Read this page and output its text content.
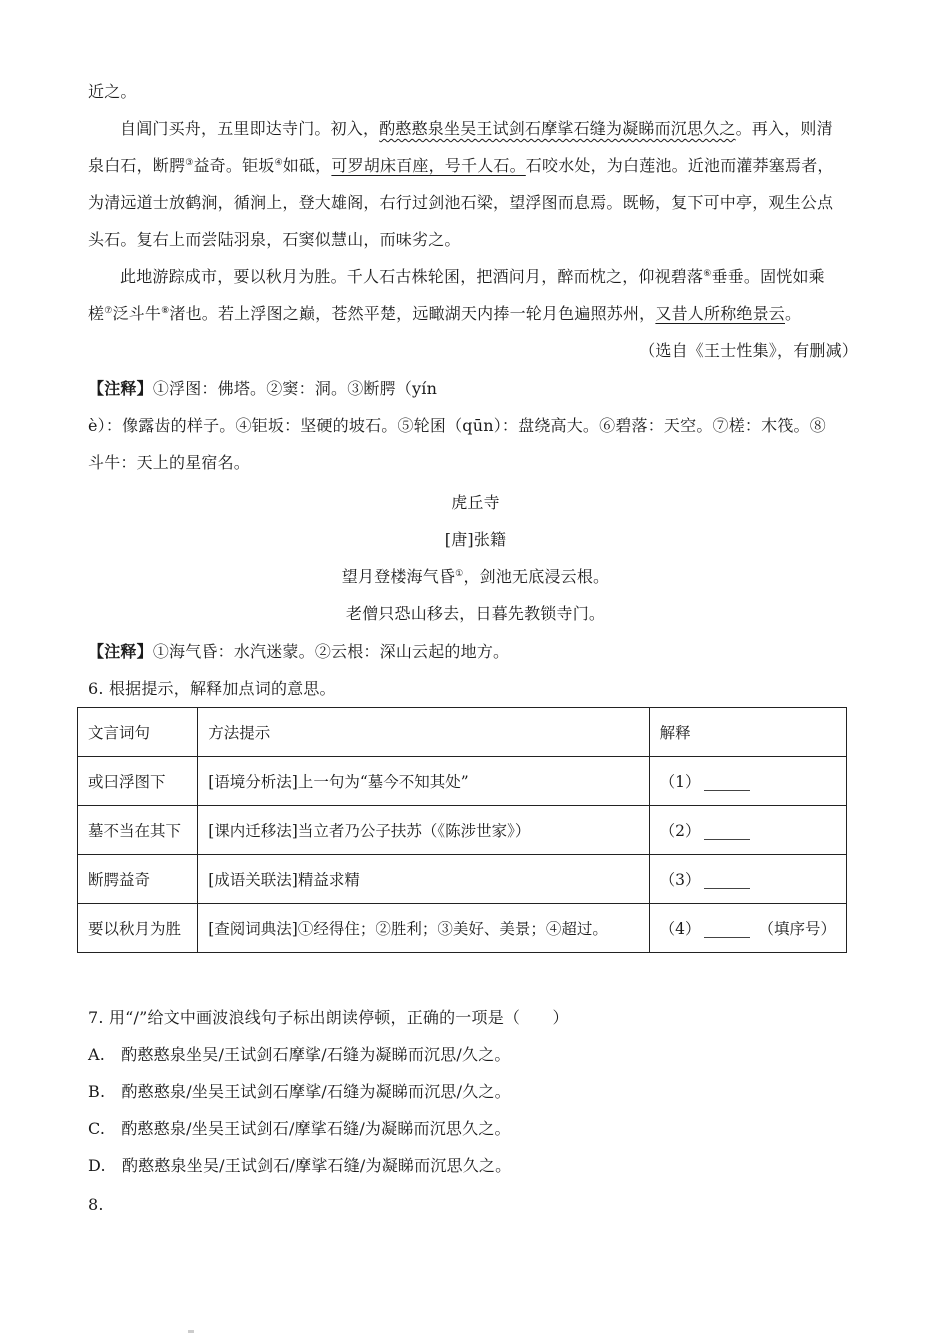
近之。
自阊门买舟，五里即达寺门。初入，酌憨憨泉坐吴王试剑石摩挲石缝为凝睇而沉思久之。再入，则清
泉白石，断腭③益奇。钜坂④如砥，可罗胡床百座，号千人石。石咬水处，为白莲池。近池而灌莽塞焉者，
为清远道士放鹤涧，循涧上，登大雄阁，右行过剑池石梁，望浮图而息焉。既畅，复下可中亭，观生公点
头石。复右上而尝陆羽泉，石窦似慧山，而味劣之。
此地游踪成市，要以秋月为胜。千人石古株轮囷，把酒问月，醉而枕之，仰视碧落⑥垂垂。固恍如乘
槎⑦泛斗牛⑧渚也。若上浮图之巅，苍然平楚，远瞰湖天内捧一轮月色遍照苏州，又昔人所称绝景云。
（选自《王士性集》，有删减）
【注释】①浮图：佛塔。②窦：洞。③断腭（yín
è）：像露齿的样子。④钜坂：坚硬的坡石。⑤轮囷（qūn）：盘绕高大。⑥碧落：天空。⑦槎：木筏。⑧
斗牛：天上的星宿名。
虎丘寺
[唐]张籍
望月登楼海气昏①，剑池无底浸云根。
老僧只恐山移去，日暮先教锁寺门。
【注释】①海气昏：水汽迷蒙。②云根：深山云起的地方。
6. 根据提示，解释加点词的意思。
文言词句	方法提示	解释
或曰浮图下	[语境分析法]上一句为“墓今不知其处”	（1）
墓不当在其下	[课内迁移法]当立者乃公子扶苏（《陈涉世家》）	（2）
断腭益奇	[成语关联法]精益求精	（3）
要以秋月为胜	[查阅词典法]①经得住；②胜利；③美好、美景；④超过。	（4） （填序号）
7. 用“/”给文中画波浪线句子标出朗读停顿，正确的一项是（　　）
A.　酌憨憨泉坐吴/王试剑石摩挲/石缝为凝睇而沉思/久之。
B.　酌憨憨泉/坐吴王试剑石摩挲/石缝为凝睇而沉思/久之。
C.　酌憨憨泉/坐吴王试剑石/摩挲石缝/为凝睇而沉思久之。
D.　酌憨憨泉坐吴/王试剑石/摩挲石缝/为凝睇而沉思久之。
8.
